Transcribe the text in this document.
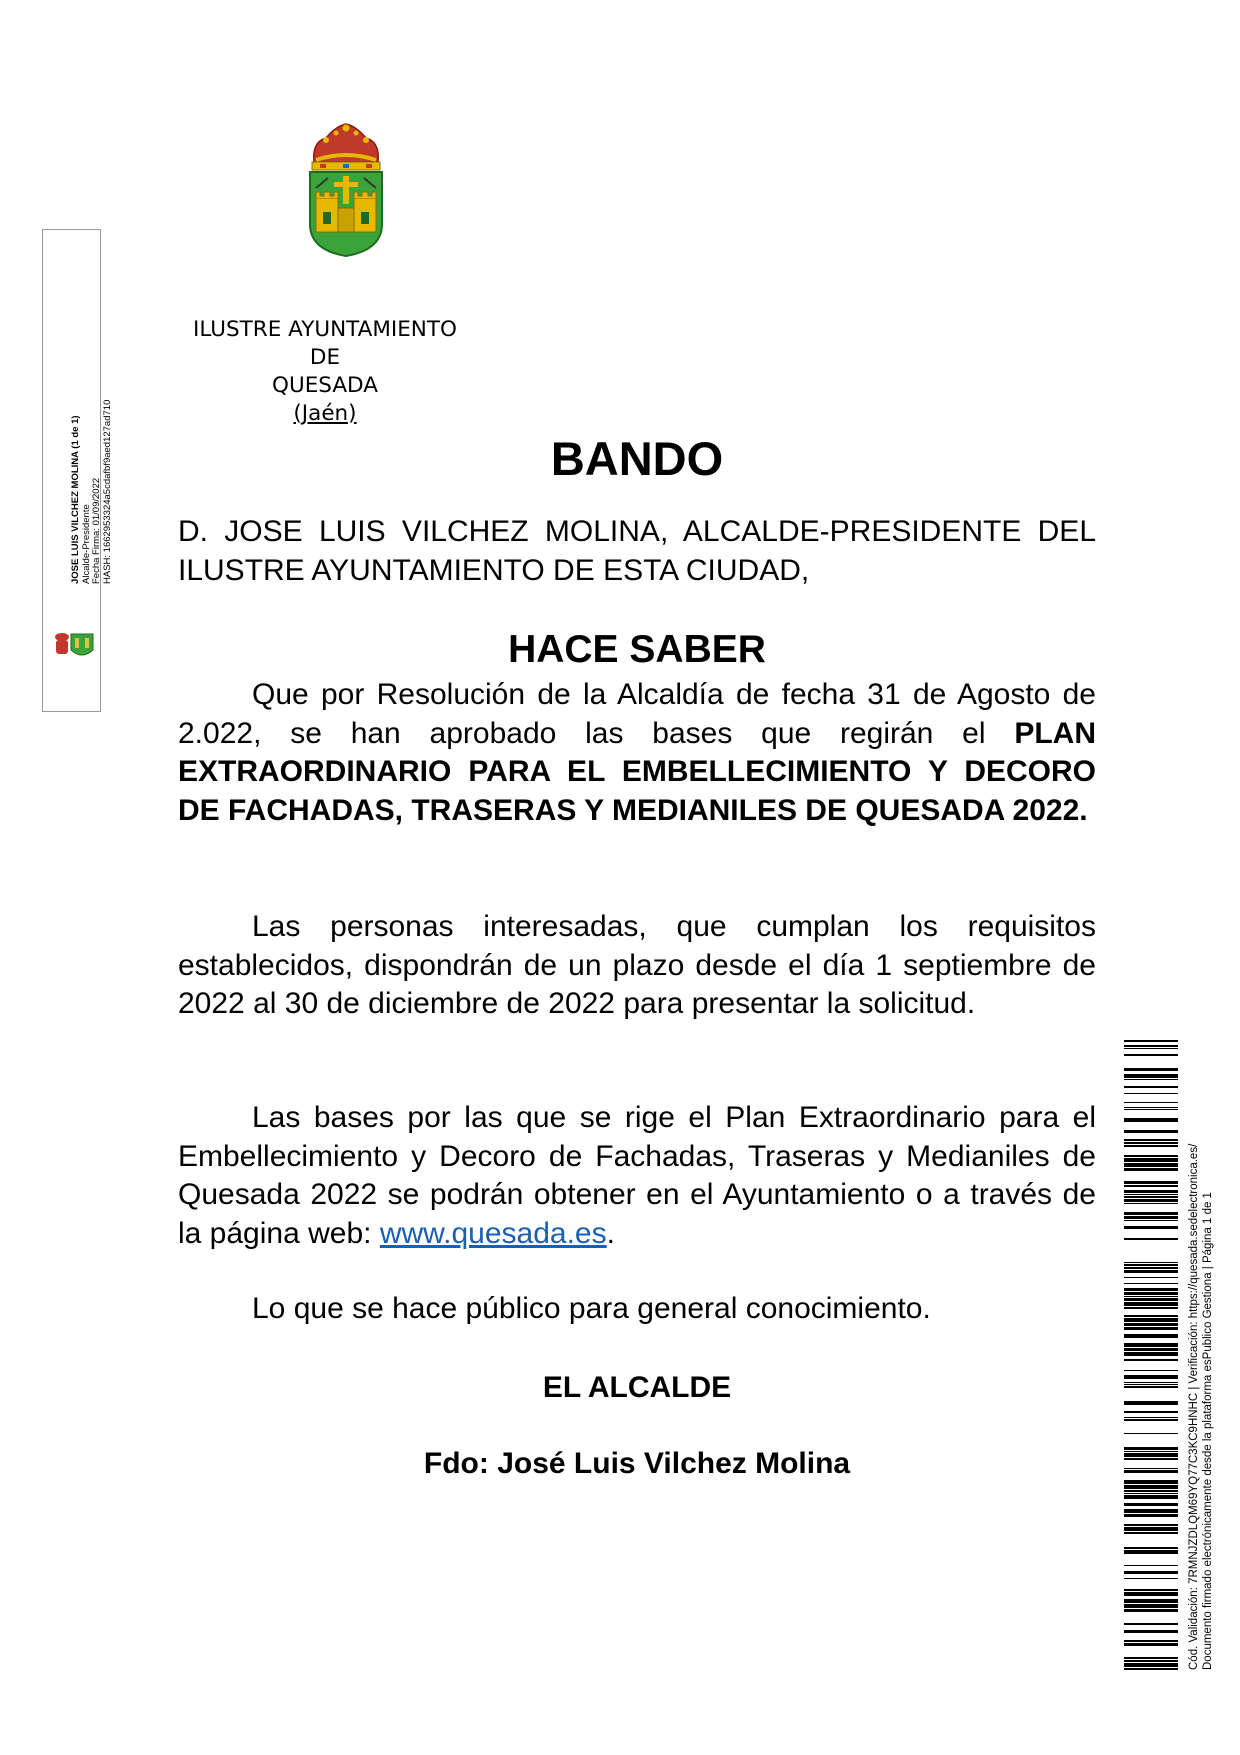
JOSE LUIS VILCHEZ MOLINA (1 de 1) Alcalde-Presidente Fecha Firma: 01/09/2022 HASH: 1662953324a5cdafbf9aed127ad710
ILUSTRE AYUNTAMIENTO
DE
QUESADA
(Jaén)
BANDO

D. JOSE LUIS VILCHEZ MOLINA, ALCALDE-PRESIDENTE DEL ILUSTRE AYUNTAMIENTO DE ESTA CIUDAD,

HACE SABER

Que por Resolución de la Alcaldía de fecha 31 de Agosto de 2.022, se han aprobado las bases que regirán el PLAN EXTRAORDINARIO PARA EL EMBELLECIMIENTO Y DECORO DE FACHADAS, TRASERAS Y MEDIANILES DE QUESADA 2022.

Las personas interesadas, que cumplan los requisitos establecidos, dispondrán de un plazo desde el día 1 septiembre de 2022 al 30 de diciembre de 2022 para presentar la solicitud.

Las bases por las que se rige el Plan Extraordinario para el Embellecimiento y Decoro de Fachadas, Traseras y Medianiles de Quesada 2022 se podrán obtener en el Ayuntamiento o a través de la página web: www.quesada.es.

Lo que se hace público para general conocimiento.

EL ALCALDE
Fdo: José Luis Vilchez Molina	Cód. Validación: 7RMNJZDLQM69YQ77C3KC9HNHC | Verificación: https://quesada.sedelectronica.es/ Documento firmado electrónicamente desde la plataforma esPublico Gestiona | Página 1 de 1
